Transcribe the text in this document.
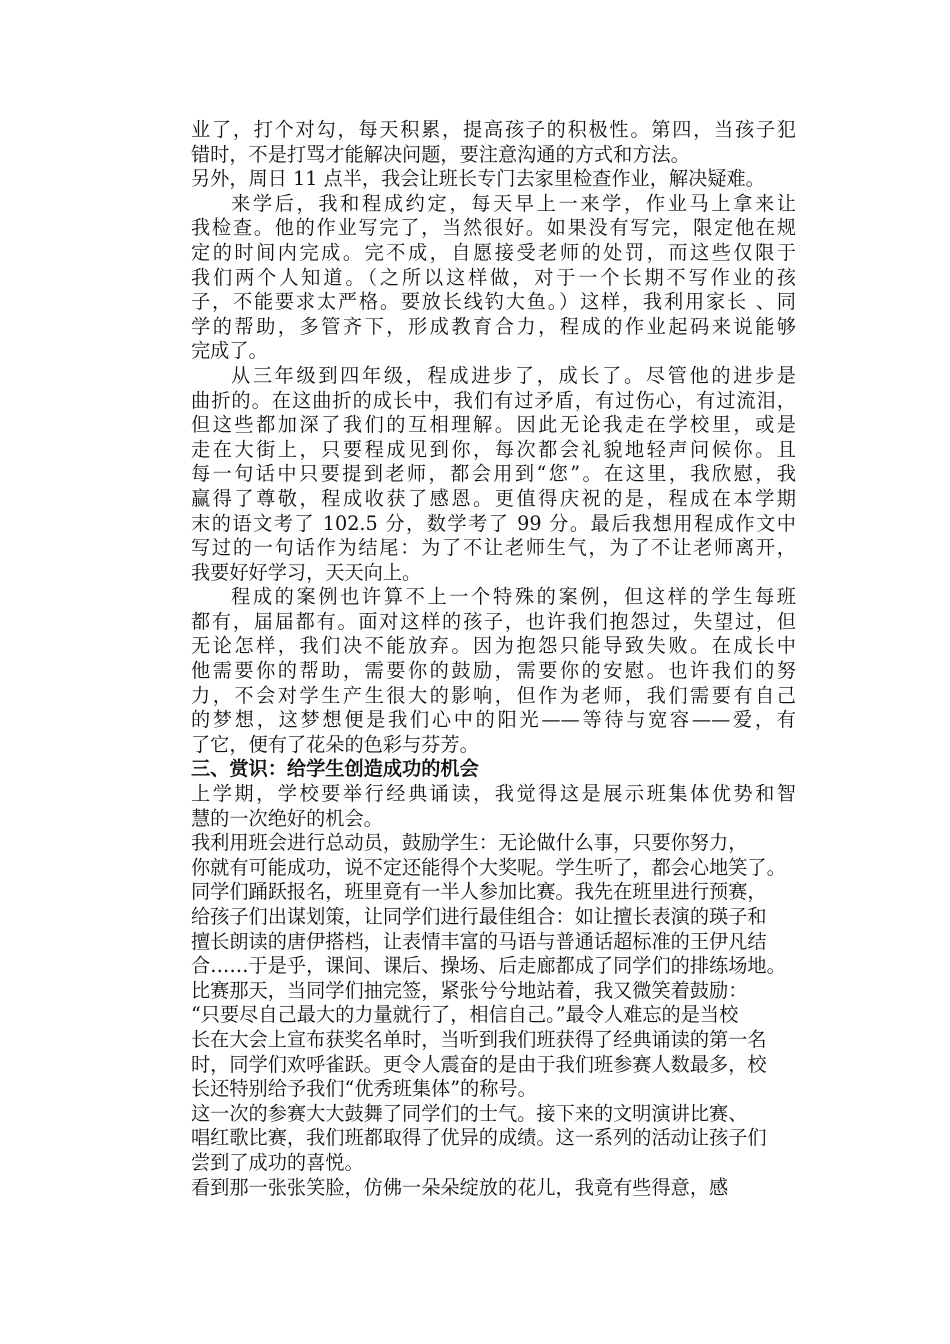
业了，打个对勾，每天积累，提高孩子的积极性。第四，当孩子犯
错时，不是打骂才能解决问题，要注意沟通的方式和方法。
另外，周日 11 点半，我会让班长专门去家里检查作业，解决疑难。
来学后，我和程成约定，每天早上一来学，作业马上拿来让
我检查。他的作业写完了，当然很好。如果没有写完，限定他在规
定的时间内完成。完不成，自愿接受老师的处罚，而这些仅限于
我们两个人知道。（之所以这样做，对于一个长期不写作业的孩
子，不能要求太严格。要放长线钓大鱼。）这样，我利用家长 、同
学的帮助，多管齐下，形成教育合力，程成的作业起码来说能够
完成了。
从三年级到四年级，程成进步了，成长了。尽管他的进步是
曲折的。在这曲折的成长中，我们有过矛盾，有过伤心，有过流泪，
但这些都加深了我们的互相理解。因此无论我走在学校里，或是
走在大街上，只要程成见到你，每次都会礼貌地轻声问候你。且
每一句话中只要提到老师，都会用到“您”。在这里，我欣慰，我
赢得了尊敬，程成收获了感恩。更值得庆祝的是，程成在本学期
末的语文考了 102.5 分，数学考了 99 分。最后我想用程成作文中
写过的一句话作为结尾：为了不让老师生气，为了不让老师离开，
我要好好学习，天天向上。
程成的案例也许算不上一个特殊的案例，但这样的学生每班
都有，届届都有。面对这样的孩子，也许我们抱怨过，失望过，但
无论怎样，我们决不能放弃。因为抱怨只能导致失败。在成长中
他需要你的帮助，需要你的鼓励，需要你的安慰。也许我们的努
力，不会对学生产生很大的影响，但作为老师，我们需要有自己
的梦想，这梦想便是我们心中的阳光——等待与宽容——爱，有
了它，便有了花朵的色彩与芬芳。
三、赏识：给学生创造成功的机会
上学期，学校要举行经典诵读，我觉得这是展示班集体优势和智
慧的一次绝好的机会。
我利用班会进行总动员，鼓励学生：无论做什么事，只要你努力，
你就有可能成功，说不定还能得个大奖呢。学生听了，都会心地笑了。
同学们踊跃报名，班里竟有一半人参加比赛。我先在班里进行预赛，
给孩子们出谋划策，让同学们进行最佳组合：如让擅长表演的瑛子和
擅长朗读的唐伊搭档，让表情丰富的马语与普通话超标准的王伊凡结
合……于是乎，课间、课后、操场、后走廊都成了同学们的排练场地。
比赛那天，当同学们抽完签，紧张兮兮地站着，我又微笑着鼓励：
“只要尽自己最大的力量就行了，相信自己。”最令人难忘的是当校
长在大会上宣布获奖名单时，当听到我们班获得了经典诵读的第一名
时，同学们欢呼雀跃。更令人震奋的是由于我们班参赛人数最多，校
长还特别给予我们“优秀班集体”的称号。
这一次的参赛大大鼓舞了同学们的士气。接下来的文明演讲比赛、
唱红歌比赛，我们班都取得了优异的成绩。这一系列的活动让孩子们
尝到了成功的喜悦。
看到那一张张笑脸，仿佛一朵朵绽放的花儿，我竟有些得意，感
